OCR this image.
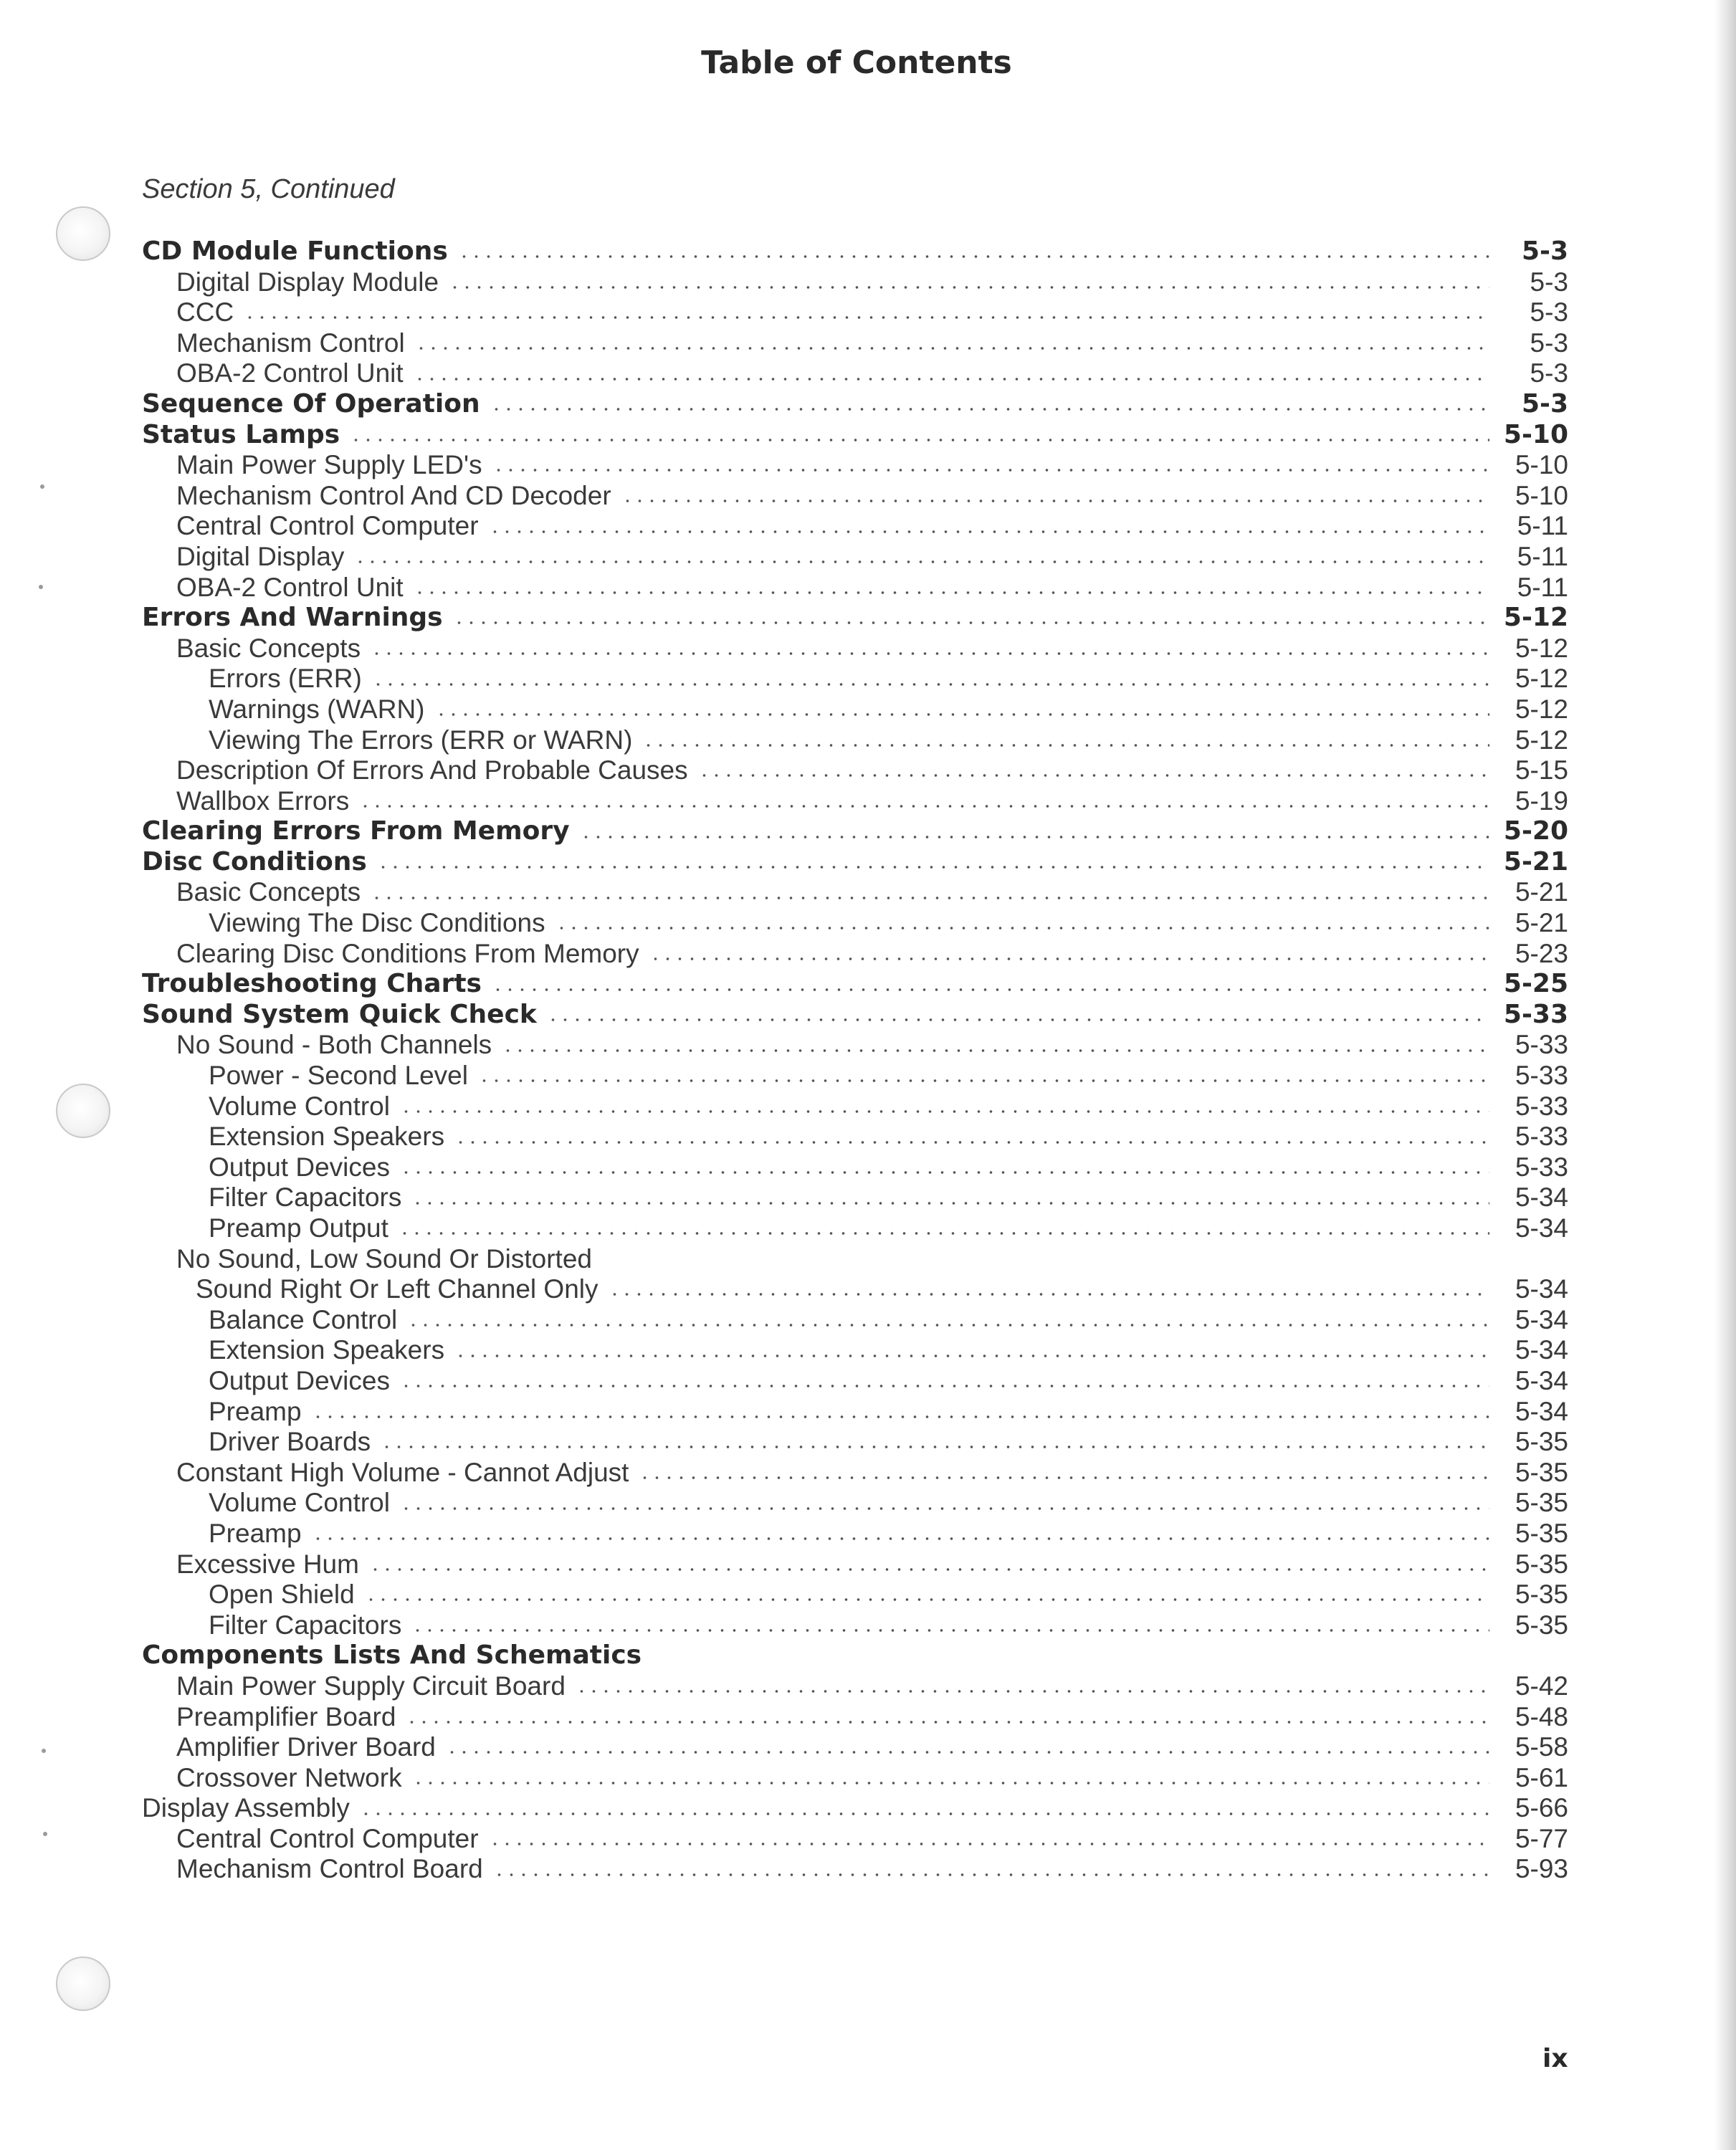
Table of Contents
Section 5, Continued
CD Module Functions	5-3
Digital Display Module	5-3
CCC	5-3
Mechanism Control	5-3
OBA-2 Control Unit	5-3
Sequence Of Operation	5-3
Status Lamps	5-10
Main Power Supply LED's	5-10
Mechanism Control And CD Decoder	5-10
Central Control Computer	5-11
Digital Display	5-11
OBA-2 Control Unit	5-11
Errors And Warnings	5-12
Basic Concepts	5-12
Errors (ERR)	5-12
Warnings (WARN)	5-12
Viewing The Errors (ERR or WARN)	5-12
Description Of Errors And Probable Causes	5-15
Wallbox Errors	5-19
Clearing Errors From Memory	5-20
Disc Conditions	5-21
Basic Concepts	5-21
Viewing The Disc Conditions	5-21
Clearing Disc Conditions From Memory	5-23
Troubleshooting Charts	5-25
Sound System Quick Check	5-33
No Sound - Both Channels	5-33
Power - Second Level	5-33
Volume Control	5-33
Extension Speakers	5-33
Output Devices	5-33
Filter Capacitors	5-34
Preamp Output	5-34
No Sound, Low Sound Or Distorted
Sound Right Or Left Channel Only	5-34
Balance Control	5-34
Extension Speakers	5-34
Output Devices	5-34
Preamp	5-34
Driver Boards	5-35
Constant High Volume - Cannot Adjust	5-35
Volume Control	5-35
Preamp	5-35
Excessive Hum	5-35
Open Shield	5-35
Filter Capacitors	5-35
Components Lists And Schematics
Main Power Supply Circuit Board	5-42
Preamplifier Board	5-48
Amplifier Driver Board	5-58
Crossover Network	5-61
Display Assembly	5-66
Central Control Computer	5-77
Mechanism Control Board	5-93
ix
